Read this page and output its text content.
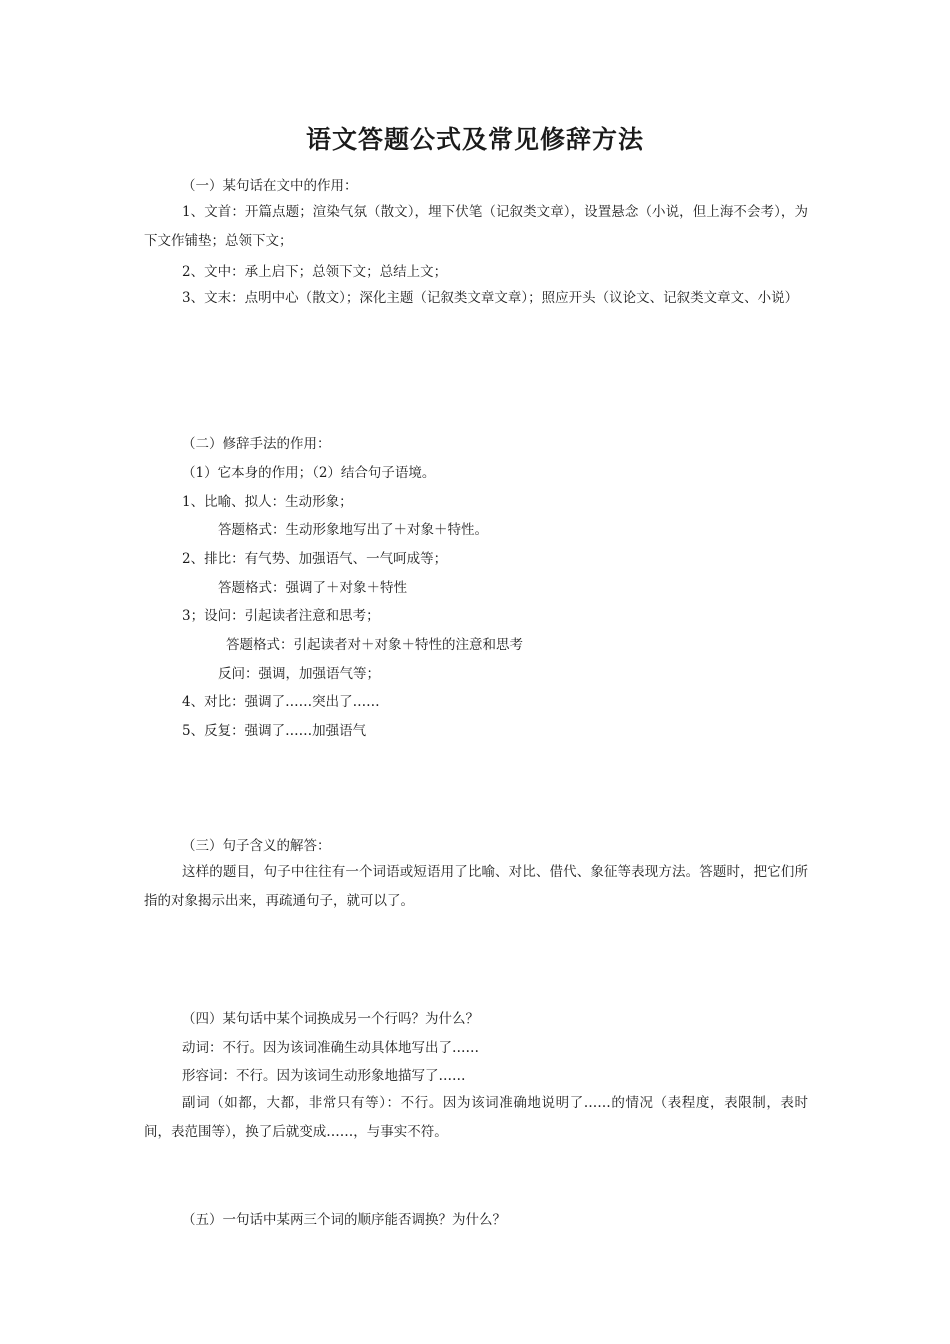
语文答题公式及常见修辞方法
（一）某句话在文中的作用：
1、文首：开篇点题；渲染气氛（散文），埋下伏笔（记叙类文章），设置悬念（小说，但上海不会考），为下文作铺垫；总领下文；
2、文中：承上启下；总领下文；总结上文；
3、文末：点明中心（散文）；深化主题（记叙类文章文章）；照应开头（议论文、记叙类文章文、小说）
（二）修辞手法的作用：
（1）它本身的作用；（2）结合句子语境。
1、比喻、拟人：生动形象；
答题格式：生动形象地写出了＋对象＋特性。
2、排比：有气势、加强语气、一气呵成等；
答题格式：强调了＋对象＋特性
3；设问：引起读者注意和思考；
答题格式：引起读者对＋对象＋特性的注意和思考
反问：强调，加强语气等；
4、对比：强调了……突出了……
5、反复：强调了……加强语气
（三）句子含义的解答：
这样的题目，句子中往往有一个词语或短语用了比喻、对比、借代、象征等表现方法。答题时，把它们所指的对象揭示出来，再疏通句子，就可以了。
（四）某句话中某个词换成另一个行吗？为什么？
动词：不行。因为该词准确生动具体地写出了……
形容词：不行。因为该词生动形象地描写了……
副词（如都，大都，非常只有等）：不行。因为该词准确地说明了……的情况（表程度，表限制，表时间，表范围等），换了后就变成……，与事实不符。
（五）一句话中某两三个词的顺序能否调换？为什么？
